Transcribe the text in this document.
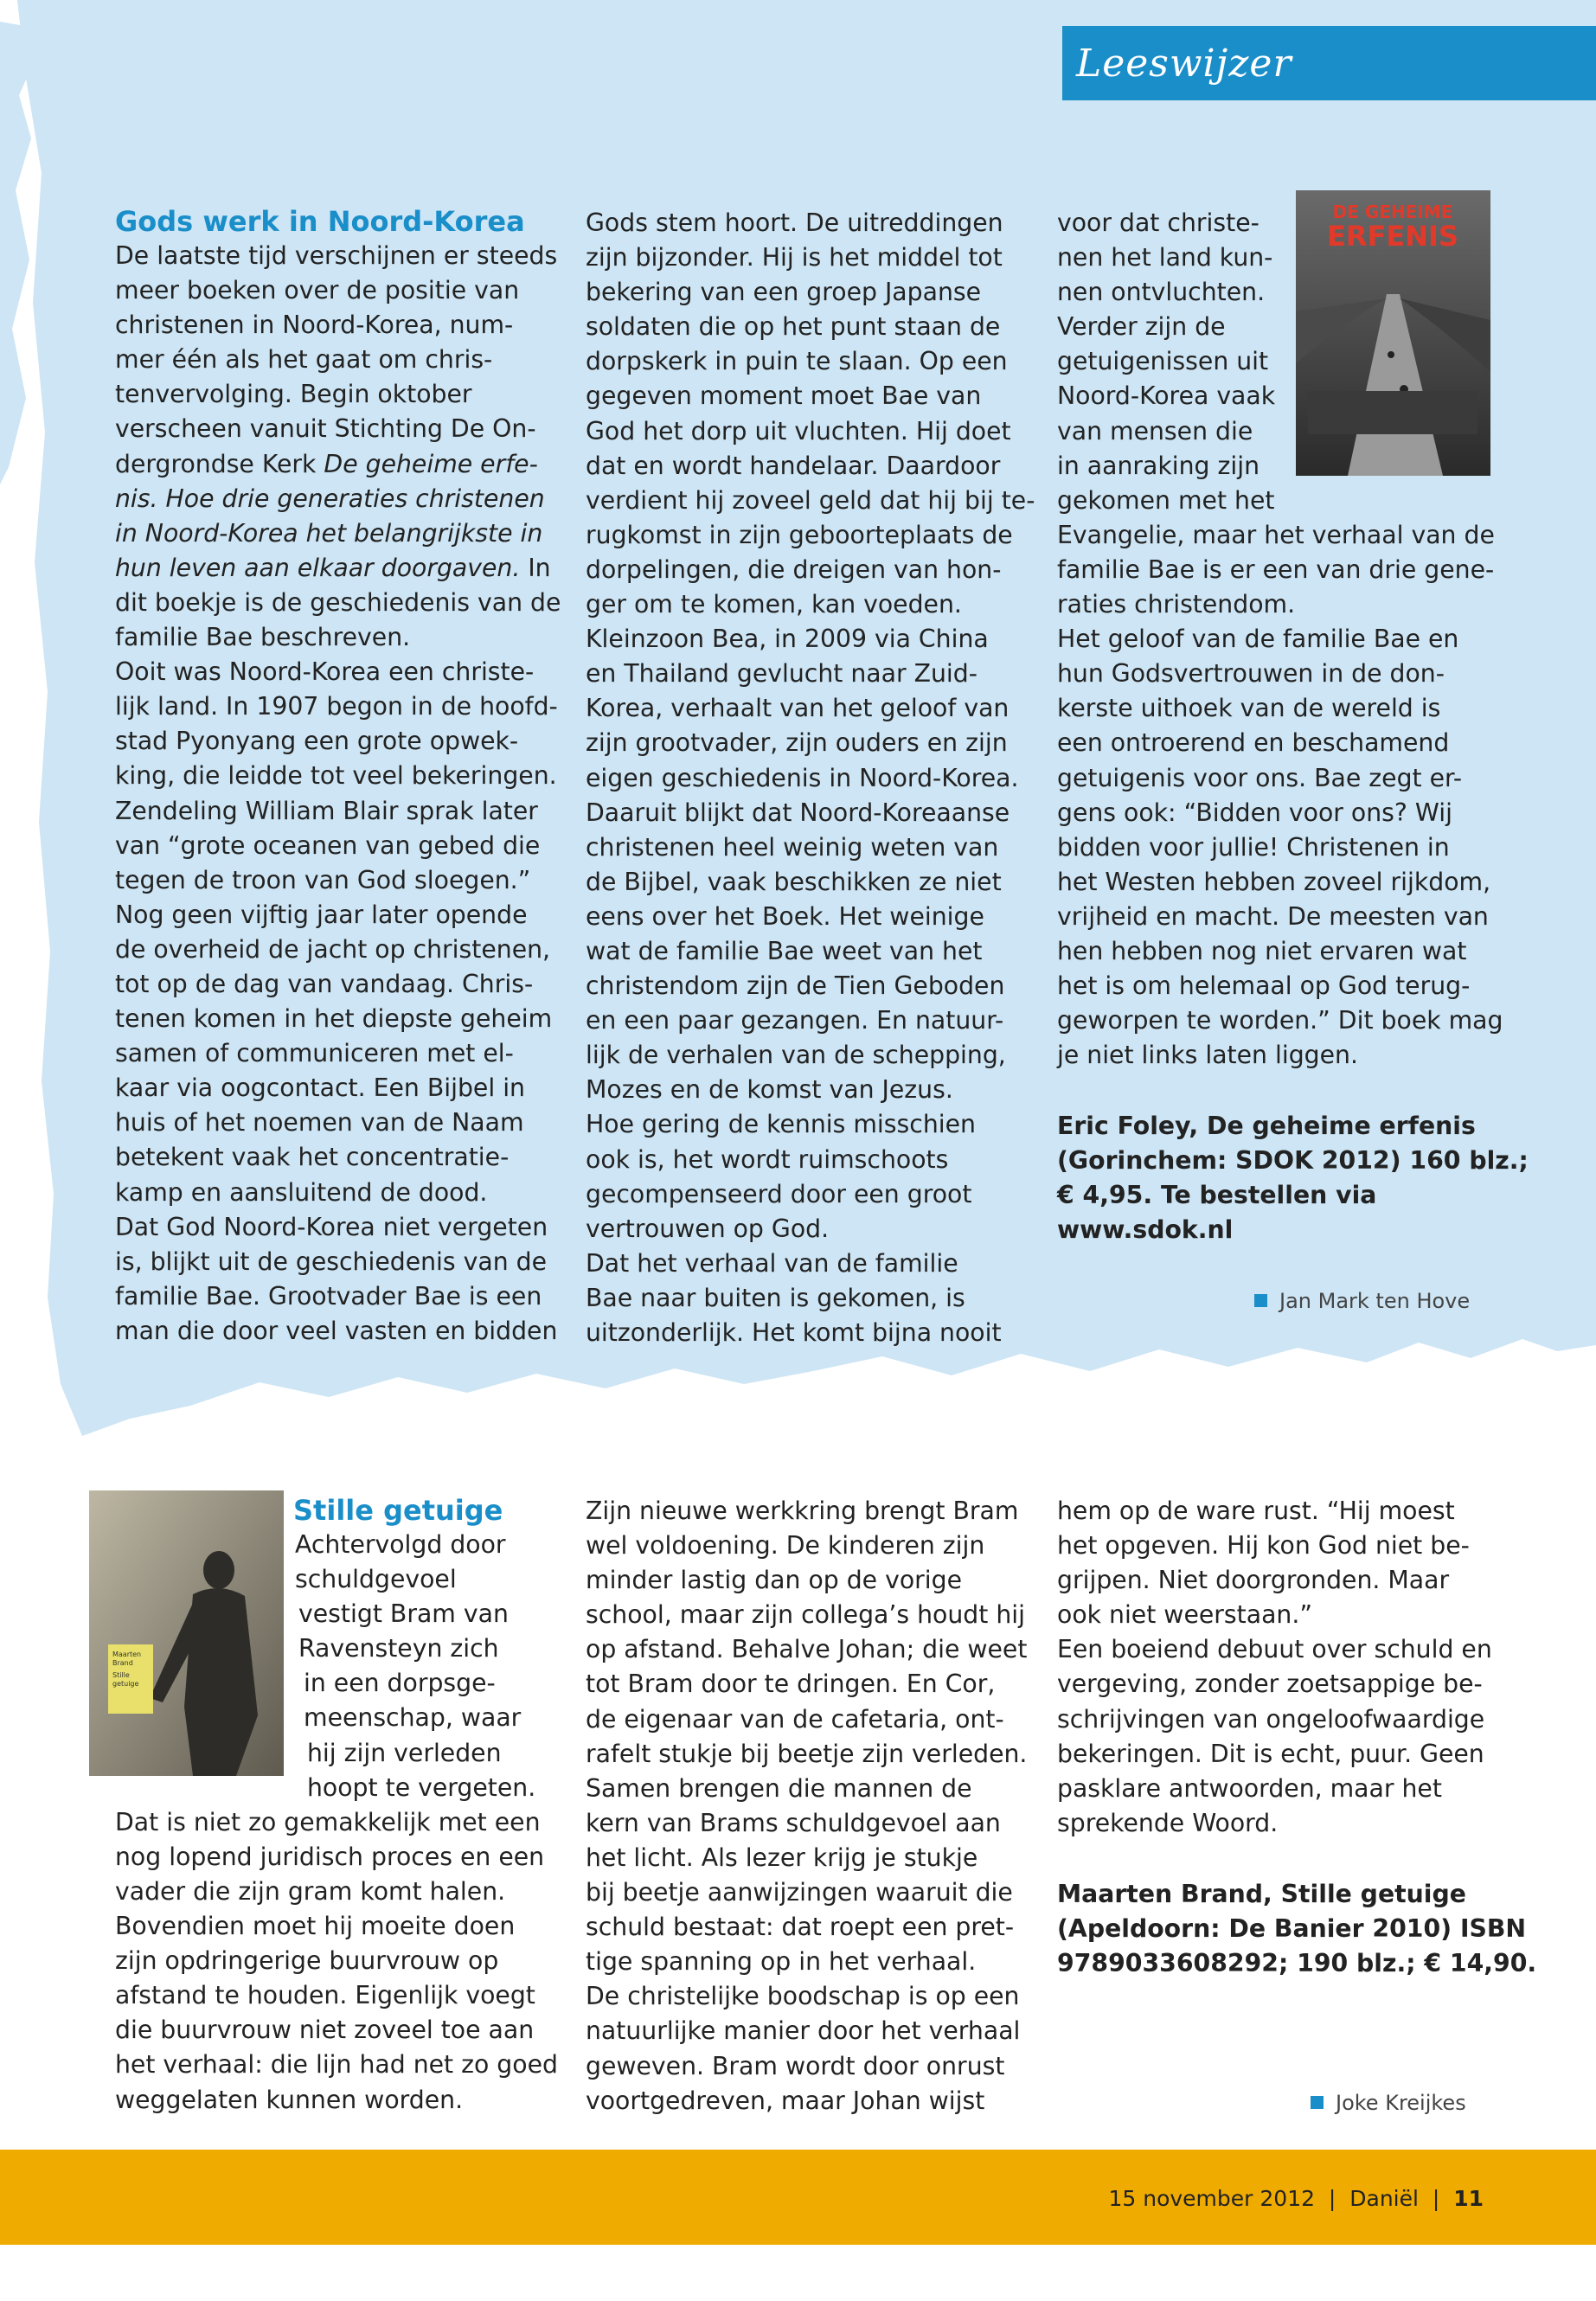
Leeswijzer

Gods werk in Noord-Korea

De laatste tijd verschijnen er steeds

meer boeken over de positie van

christenen in Noord-Korea, num-

mer één als het gaat om chris-

tenvervolging. Begin oktober

verscheen vanuit Stichting De On-

dergrondse Kerk De geheime erfe-

nis. Hoe drie generaties christenen

in Noord-Korea het belangrijkste in

hun leven aan elkaar doorgaven. In

dit boekje is de geschiedenis van de

familie Bae beschreven.

Ooit was Noord-Korea een christe-

lijk land. In 1907 begon in de hoofd-

stad Pyonyang een grote opwek-

king, die leidde tot veel bekeringen.

Zendeling William Blair sprak later

van “grote oceanen van gebed die

tegen de troon van God sloegen.”

Nog geen vijftig jaar later opende

de overheid de jacht op christenen,

tot op de dag van vandaag. Chris-

tenen komen in het diepste geheim

samen of communiceren met el-

kaar via oogcontact. Een Bijbel in

huis of het noemen van de Naam

betekent vaak het concentratie-

kamp en aansluitend de dood.

Dat God Noord-Korea niet vergeten

is, blijkt uit de geschiedenis van de

familie Bae. Grootvader Bae is een

man die door veel vasten en bidden

Gods stem hoort. De uitreddingen

zijn bijzonder. Hij is het middel tot

bekering van een groep Japanse

soldaten die op het punt staan de

dorpskerk in puin te slaan. Op een

gegeven moment moet Bae van

God het dorp uit vluchten. Hij doet

dat en wordt handelaar. Daardoor

verdient hij zoveel geld dat hij bij te-

rugkomst in zijn geboorteplaats de

dorpelingen, die dreigen van hon-

ger om te komen, kan voeden.

Kleinzoon Bea, in 2009 via China

en Thailand gevlucht naar Zuid-

Korea, verhaalt van het geloof van

zijn grootvader, zijn ouders en zijn

eigen geschiedenis in Noord-Korea.

Daaruit blijkt dat Noord-Koreaanse

christenen heel weinig weten van

de Bijbel, vaak beschikken ze niet

eens over het Boek. Het weinige

wat de familie Bae weet van het

christendom zijn de Tien Geboden

en een paar gezangen. En natuur-

lijk de verhalen van de schepping,

Mozes en de komst van Jezus.

Hoe gering de kennis misschien

ook is, het wordt ruimschoots

gecompenseerd door een groot

vertrouwen op God.

Dat het verhaal van de familie

Bae naar buiten is gekomen, is

uitzonderlijk. Het komt bijna nooit

DE GEHEIME
ERFENIS

voor dat christe-

nen het land kun-

nen ontvluchten.

Verder zijn de

getuigenissen uit

Noord-Korea vaak

van mensen die

in aanraking zijn

gekomen met het

Evangelie, maar het verhaal van de

familie Bae is er een van drie gene-

raties christendom.

Het geloof van de familie Bae en

hun Godsvertrouwen in de don-

kerste uithoek van de wereld is

een ontroerend en beschamend

getuigenis voor ons. Bae zegt er-

gens ook: “Bidden voor ons? Wij

bidden voor jullie! Christenen in

het Westen hebben zoveel rijkdom,

vrijheid en macht. De meesten van

hen hebben nog niet ervaren wat

het is om helemaal op God terug-

geworpen te worden.” Dit boek mag

je niet links laten liggen.

Eric Foley, De geheime erfenis

(Gorinchem: SDOK 2012) 160 blz.;

€ 4,95. Te bestellen via www.sdok.nl

Jan Mark ten Hove
Maarten
Brand
Stille
getuige

Stille getuige

Achtervolgd door

schuldgevoel

vestigt Bram van

Ravensteyn zich

in een dorpsge-

meenschap, waar

hij zijn verleden

hoopt te vergeten.

Dat is niet zo gemakkelijk met een

nog lopend juridisch proces en een

vader die zijn gram komt halen.

Bovendien moet hij moeite doen

zijn opdringerige buurvrouw op

afstand te houden. Eigenlijk voegt

die buurvrouw niet zoveel toe aan

het verhaal: die lijn had net zo goed

weggelaten kunnen worden.

Zijn nieuwe werkkring brengt Bram

wel voldoening. De kinderen zijn

minder lastig dan op de vorige

school, maar zijn collega’s houdt hij

op afstand. Behalve Johan; die weet

tot Bram door te dringen. En Cor,

de eigenaar van de cafetaria, ont-

rafelt stukje bij beetje zijn verleden.

Samen brengen die mannen de

kern van Brams schuldgevoel aan

het licht. Als lezer krijg je stukje

bij beetje aanwijzingen waaruit die

schuld bestaat: dat roept een pret-

tige spanning op in het verhaal.

De christelijke boodschap is op een

natuurlijke manier door het verhaal

geweven. Bram wordt door onrust

voortgedreven, maar Johan wijst

hem op de ware rust. “Hij moest

het opgeven. Hij kon God niet be-

grijpen. Niet doorgronden. Maar

ook niet weerstaan.”

Een boeiend debuut over schuld en

vergeving, zonder zoetsappige be-

schrijvingen van ongeloofwaardige

bekeringen. Dit is echt, puur. Geen

pasklare antwoorden, maar het

sprekende Woord.

Maarten Brand, Stille getuige

(Apeldoorn: De Banier 2010) ISBN

9789033608292; 190 blz.; € 14,90.

Joke Kreijkes
15 november 2012 | Daniël | 11
